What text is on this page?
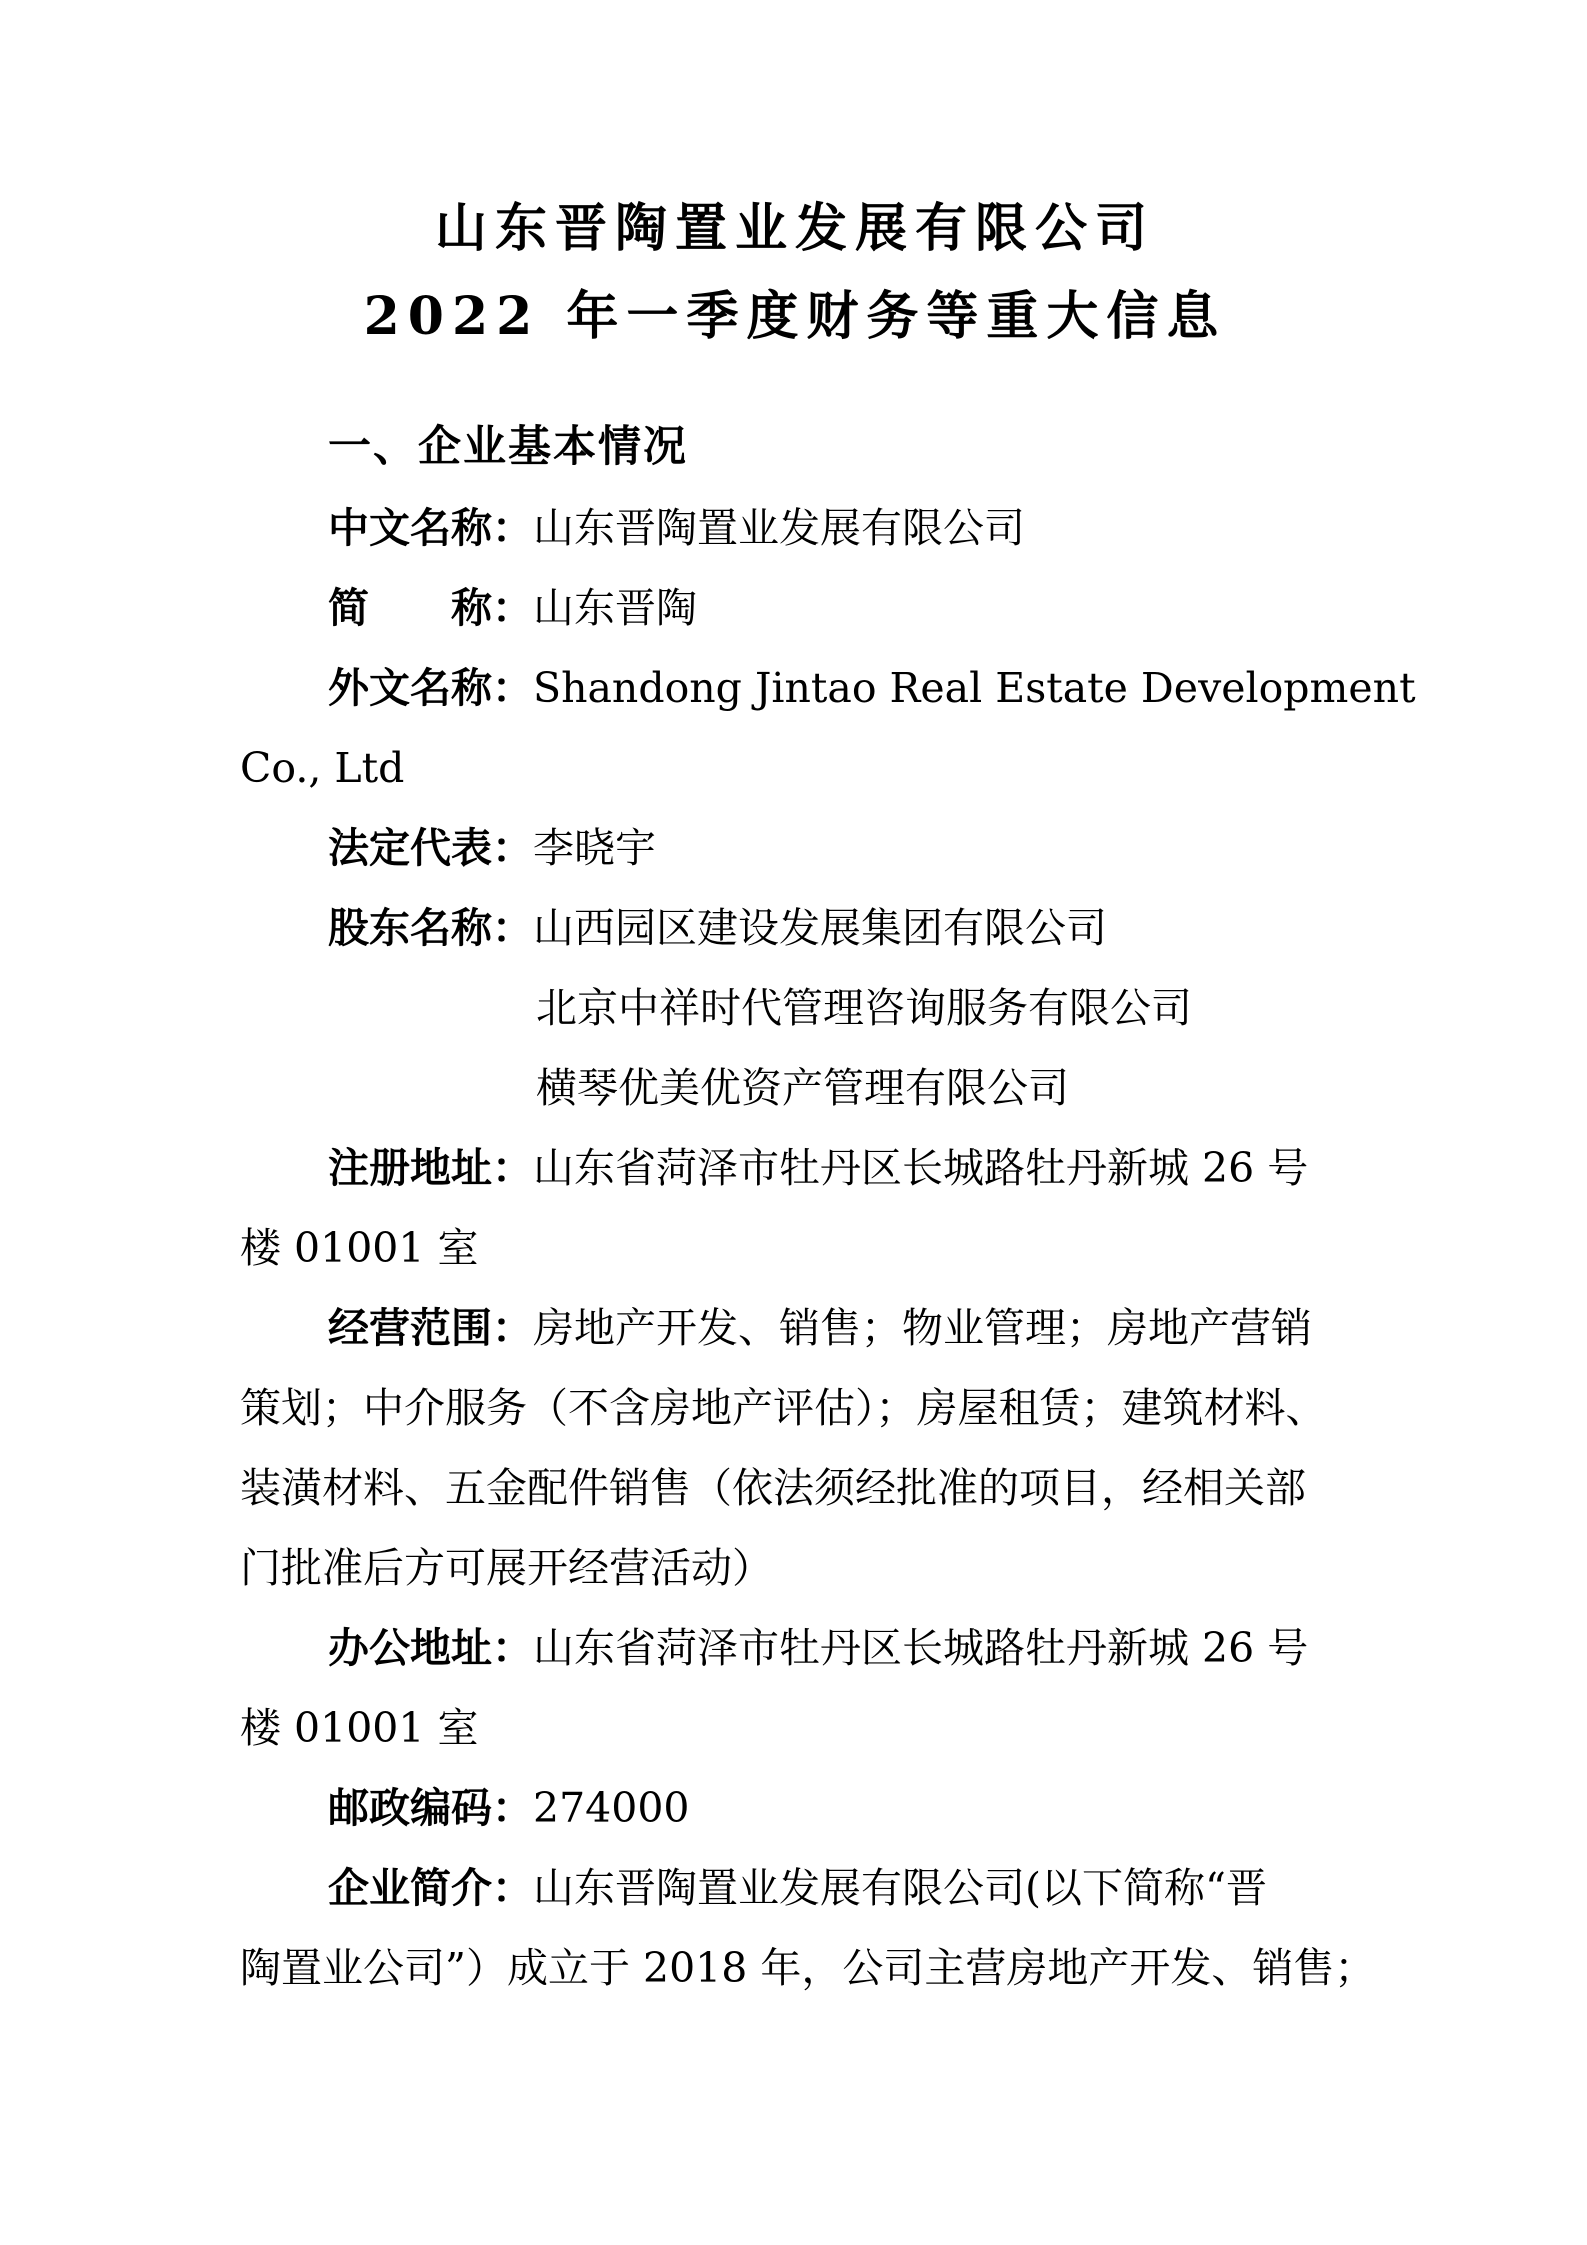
山东晋陶置业发展有限公司
2022 年一季度财务等重大信息
一、企业基本情况
中文名称：山东晋陶置业发展有限公司
简　　称：山东晋陶
外文名称：Shandong Jintao Real Estate Development
Co., Ltd
法定代表：李晓宇
股东名称：山西园区建设发展集团有限公司
北京中祥时代管理咨询服务有限公司
横琴优美优资产管理有限公司
注册地址：山东省菏泽市牡丹区长城路牡丹新城 26 号
楼 01001 室
经营范围：房地产开发、销售；物业管理；房地产营销
策划；中介服务（不含房地产评估）；房屋租赁；建筑材料、
装潢材料、五金配件销售（依法须经批准的项目，经相关部
门批准后方可展开经营活动）
办公地址：山东省菏泽市牡丹区长城路牡丹新城 26 号
楼 01001 室
邮政编码：274000
企业简介：山东晋陶置业发展有限公司(以下简称“晋
陶置业公司”）成立于 2018 年，公司主营房地产开发、销售；
